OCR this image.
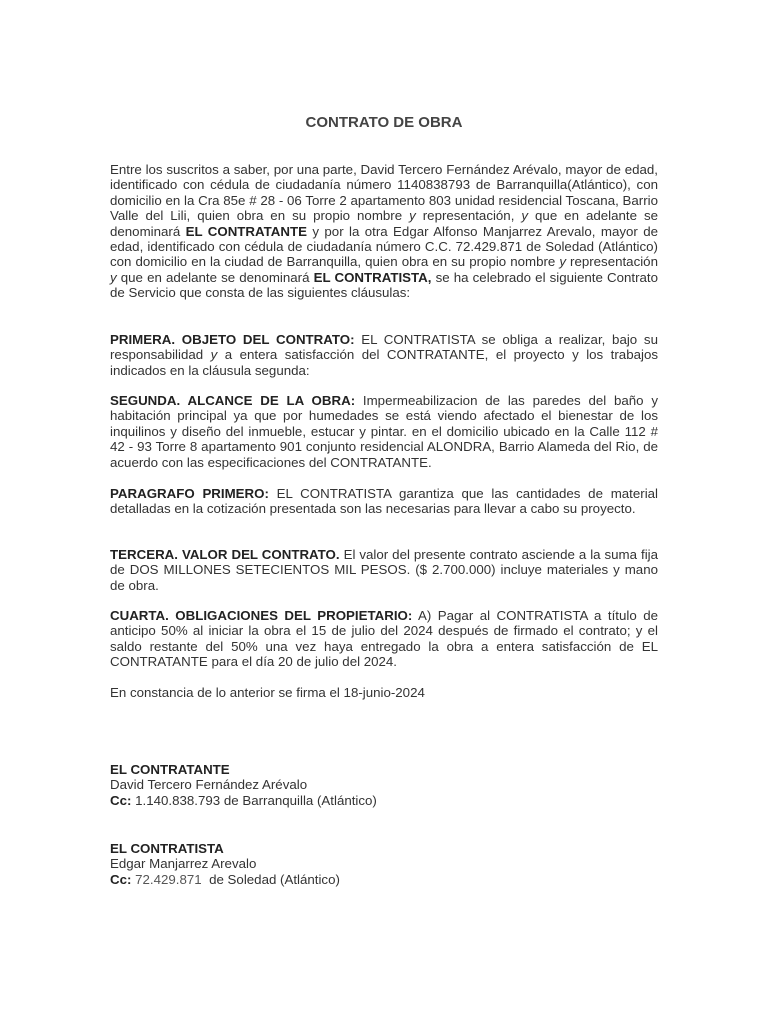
CONTRATO DE OBRA

Entre los suscritos a saber, por una parte, David Tercero Fernández Arévalo, mayor de edad, identificado con cédula de ciudadanía número 1140838793 de Barranquilla(Atlántico), con domicilio en la Cra 85e # 28 - 06 Torre 2 apartamento 803 unidad residencial Toscana, Barrio Valle del Lili, quien obra en su propio nombre y representación, y que en adelante se denominará EL CONTRATANTE y por la otra Edgar Alfonso Manjarrez Arevalo, mayor de edad, identificado con cédula de ciudadanía número C.C. 72.429.871 de Soledad (Atlántico) con domicilio en la ciudad de Barranquilla, quien obra en su propio nombre y representación y que en adelante se denominará EL CONTRATISTA, se ha celebrado el siguiente Contrato de Servicio que consta de las siguientes cláusulas:

PRIMERA. OBJETO DEL CONTRATO: EL CONTRATISTA se obliga a realizar, bajo su responsabilidad y a entera satisfacción del CONTRATANTE, el proyecto y los trabajos indicados en la cláusula segunda:

SEGUNDA. ALCANCE DE LA OBRA: Impermeabilizacion de las paredes del baño y habitación principal ya que por humedades se está viendo afectado el bienestar de los inquilinos y diseño del inmueble, estucar y pintar. en el domicilio ubicado en la Calle 112 # 42 - 93 Torre 8 apartamento 901 conjunto residencial ALONDRA, Barrio Alameda del Rio, de acuerdo con las especificaciones del CONTRATANTE.

PARAGRAFO PRIMERO: EL CONTRATISTA garantiza que las cantidades de material detalladas en la cotización presentada son las necesarias para llevar a cabo su proyecto.

TERCERA. VALOR DEL CONTRATO. El valor del presente contrato asciende a la suma fija de DOS MILLONES SETECIENTOS MIL PESOS. ($ 2.700.000) incluye materiales y mano de obra.

CUARTA. OBLIGACIONES DEL PROPIETARIO: A) Pagar al CONTRATISTA a título de anticipo 50% al iniciar la obra el 15 de julio del 2024 después de firmado el contrato; y el saldo restante del 50% una vez haya entregado la obra a entera satisfacción de EL CONTRATANTE para el día 20 de julio del 2024.

En constancia de lo anterior se firma el 18-junio-2024

EL CONTRATANTE
David Tercero Fernández Arévalo
Cc: 1.140.838.793 de Barranquilla (Atlántico)
EL CONTRATISTA
Edgar Manjarrez Arevalo
Cc: 72.429.871  de Soledad (Atlántico)
